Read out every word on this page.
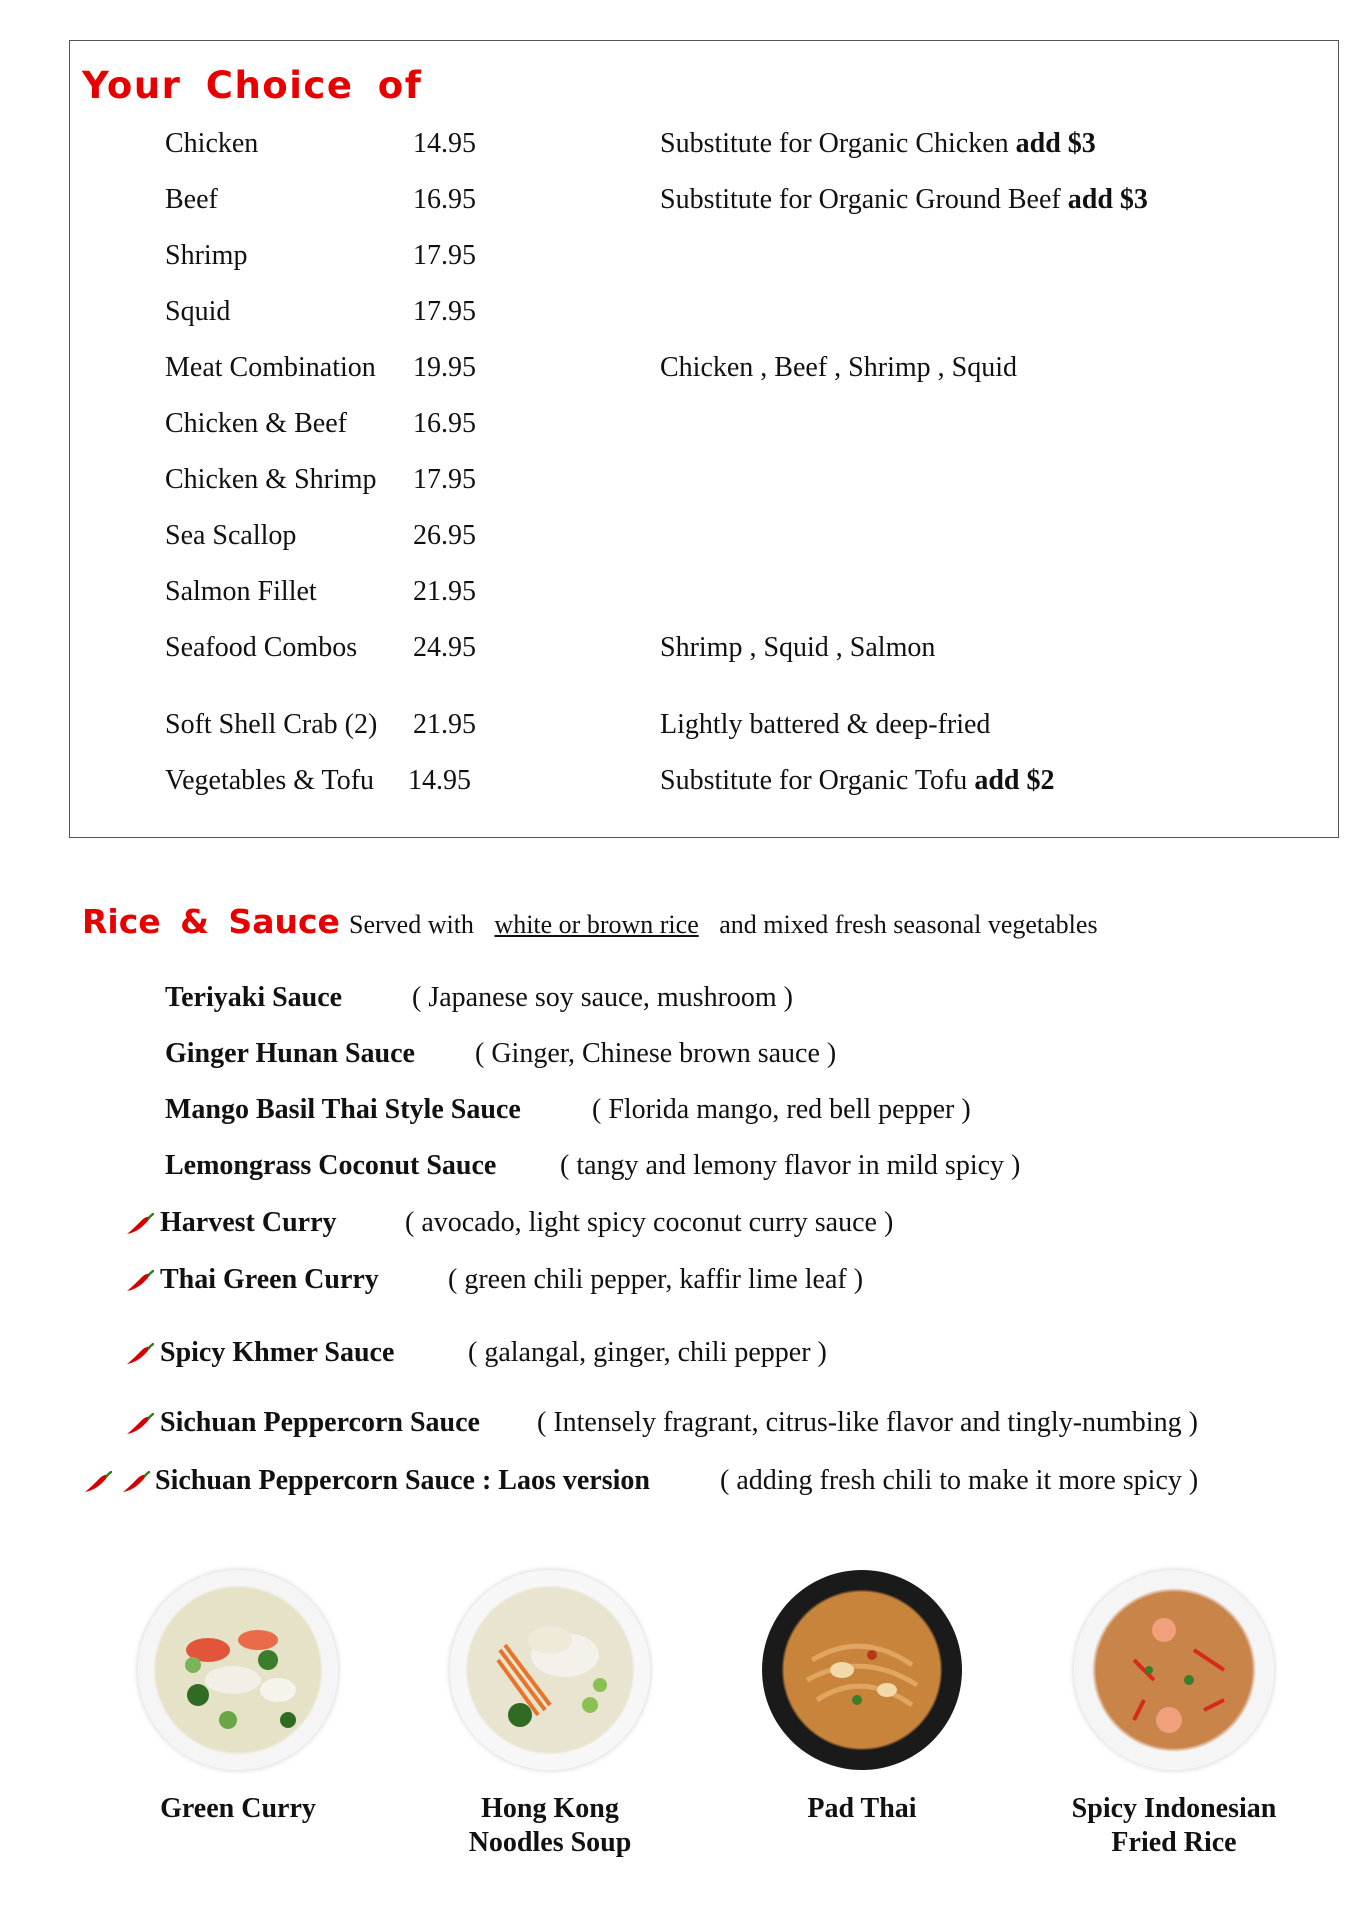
Your Choice of
Chicken	14.95	Substitute for Organic Chicken add $3
Beef	16.95	Substitute for Organic Ground Beef add $3
Shrimp	17.95
Squid	17.95
Meat Combination 19.95	Chicken , Beef , Shrimp , Squid
Chicken & Beef 16.95
Chicken & Shrimp 17.95
Sea Scallop	26.95
Salmon Fillet	21.95
Seafood Combos 24.95	Shrimp , Squid , Salmon
Soft Shell Crab (2) 21.95	Lightly battered & deep-fried
Vegetables & Tofu 14.95	Substitute for Organic Tofu add $2
Rice & Sauce Served with white or brown rice and mixed fresh seasonal vegetables
Teriyaki Sauce ( Japanese soy sauce, mushroom )
Ginger Hunan Sauce ( Ginger, Chinese brown sauce )
Mango Basil Thai Style Sauce	( Florida mango, red bell pepper )
Lemongrass Coconut Sauce ( tangy and lemony flavor in mild spicy )
Harvest Curry ( avocado, light spicy coconut curry sauce )
Thai Green Curry ( green chili pepper, kaffir lime leaf )
Spicy Khmer Sauce	( galangal, ginger, chili pepper )
Sichuan Peppercorn Sauce ( Intensely fragrant, citrus-like flavor and tingly-numbing )
Sichuan Peppercorn Sauce : Laos version	( adding fresh chili to make it more spicy )
Green Curry	Hong Kong
Noodles Soup
Pad Thai	Spicy Indonesian
Fried Rice
